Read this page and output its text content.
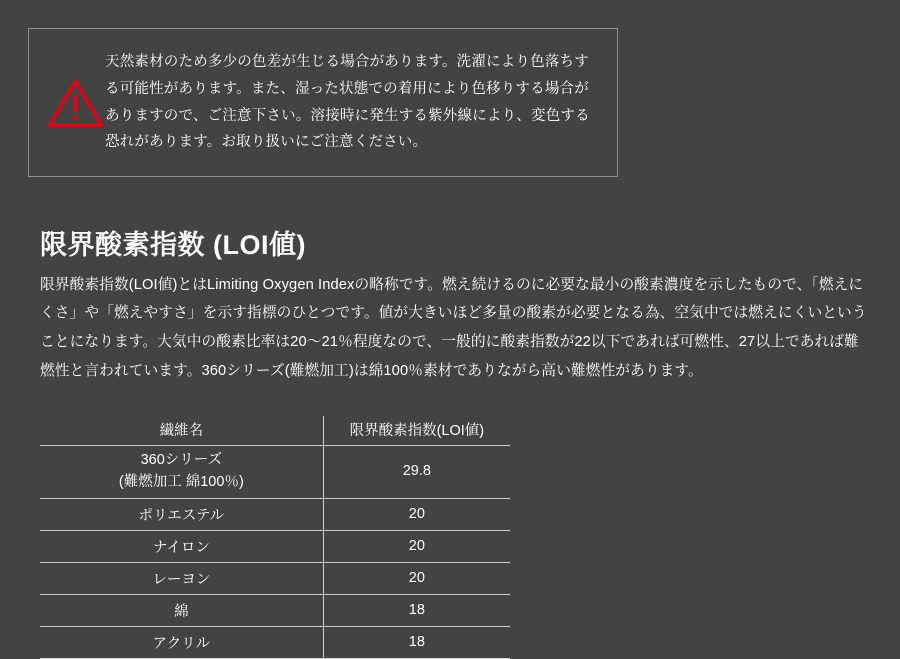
天然素材のため多少の色差が生じる場合があります。洗濯により色落ちする可能性があります。また、湿った状態での着用により色移りする場合がありますので、ご注意下さい。溶接時に発生する紫外線により、変色する恐れがあります。お取り扱いにご注意ください。
限界酸素指数 (LOI値)

限界酸素指数(LOI値)とはLimiting Oxygen Indexの略称です。燃え続けるのに必要な最小の酸素濃度を示したもので、「燃えにくさ」や「燃えやすさ」を示す指標のひとつです。値が大きいほど多量の酸素が必要となる為、空気中では燃えにくいということになります。大気中の酸素比率は20〜21％程度なので、一般的に酸素指数が22以下であれば可燃性、27以上であれば難燃性と言われています。360シリーズ(難燃加工)は綿100％素材でありながら高い難燃性があります。

繊維名	限界酸素指数(LOI値)

360シリーズ
(難燃加工 綿100％)	29.8
ポリエステル	20
ナイロン	20
レーヨン	20
綿	18
アクリル	18
